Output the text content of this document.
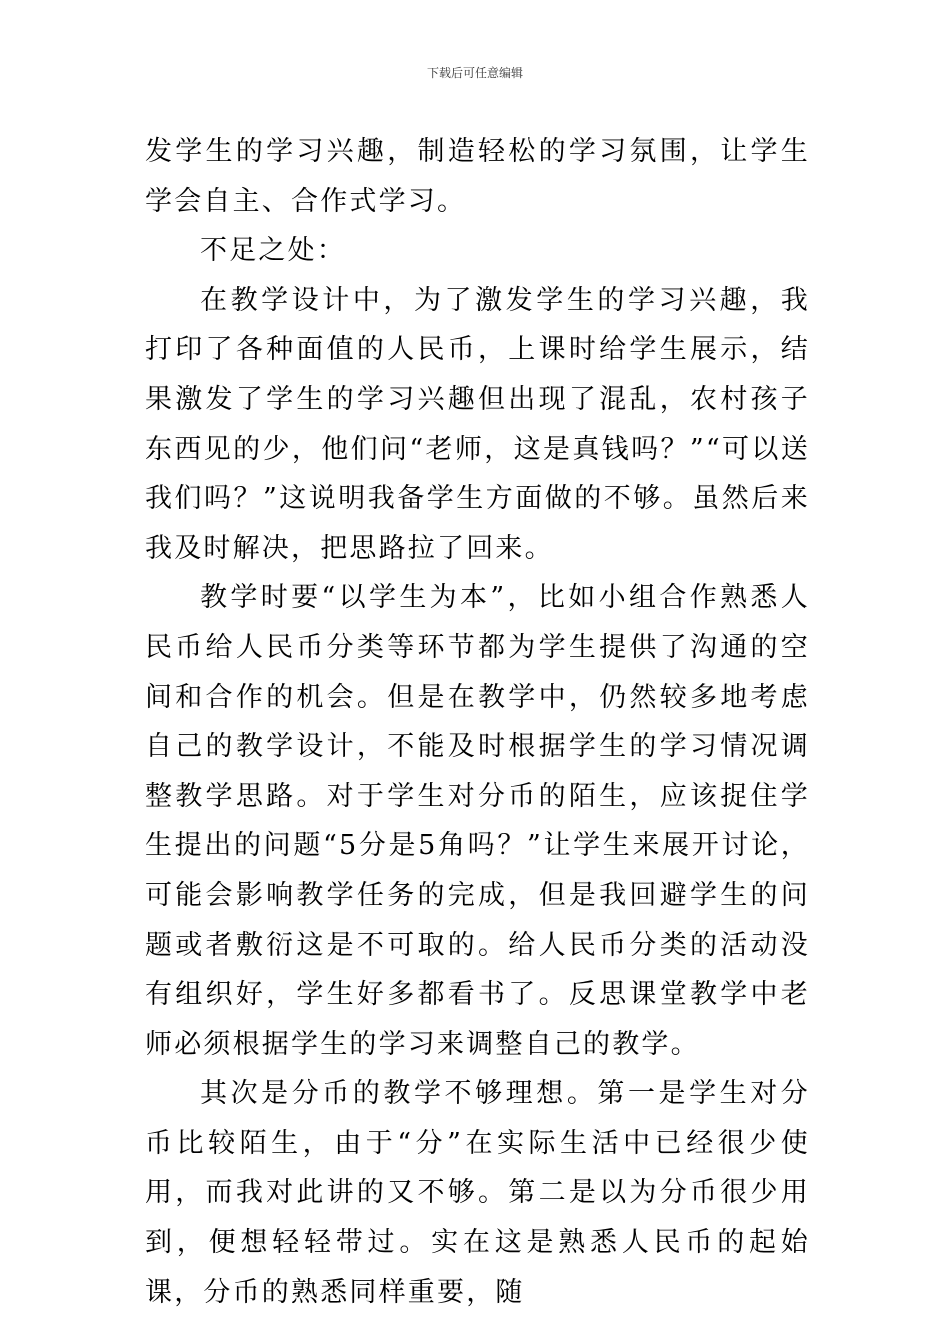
下载后可任意编辑

发学生的学习兴趣，制造轻松的学习氛围，让学生学会自主、合作式学习。

不足之处：

在教学设计中，为了激发学生的学习兴趣，我打印了各种面值的人民币，上课时给学生展示，结果激发了学生的学习兴趣但出现了混乱，农村孩子东西见的少，他们问“老师，这是真钱吗？”“可以送我们吗？”这说明我备学生方面做的不够。虽然后来我及时解决，把思路拉了回来。

教学时要“以学生为本”，比如小组合作熟悉人民币给人民币分类等环节都为学生提供了沟通的空间和合作的机会。但是在教学中，仍然较多地考虑自己的教学设计，不能及时根据学生的学习情况调整教学思路。对于学生对分币的陌生，应该捉住学生提出的问题“5分是5角吗？”让学生来展开讨论，可能会影响教学任务的完成，但是我回避学生的问题或者敷衍这是不可取的。给人民币分类的活动没有组织好，学生好多都看书了。反思课堂教学中老师必须根据学生的学习来调整自己的教学。

其次是分币的教学不够理想。第一是学生对分币比较陌生，由于“分”在实际生活中已经很少使用，而我对此讲的又不够。第二是以为分币很少用到，便想轻轻带过。实在这是熟悉人民币的起始课，分币的熟悉同样重要，随
